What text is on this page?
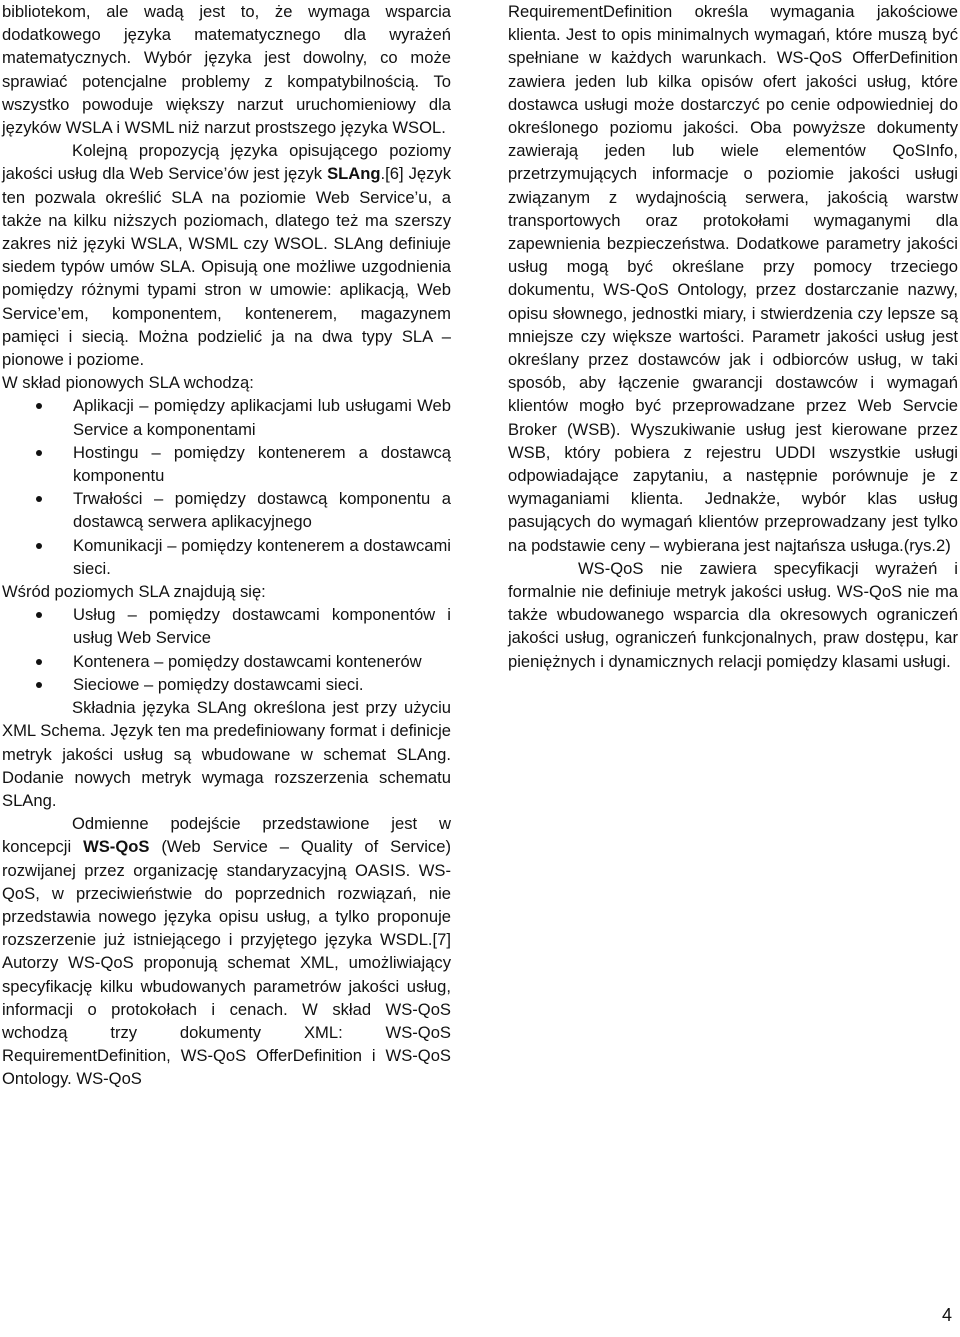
bibliotekom, ale wadą jest to, że wymaga wsparcia dodatkowego języka matematycznego dla wyrażeń matematycznych. Wybór języka jest dowolny, co może sprawiać potencjalne problemy z kompatybilnością. To wszystko powoduje większy narzut uruchomieniowy dla języków WSLA i WSML niż narzut prostszego języka WSOL.

Kolejną propozycją języka opisującego poziomy jakości usług dla Web Service’ów jest język SLAng.[6] Język ten pozwala określić SLA na poziomie Web Service’u, a także na kilku niższych poziomach, dlatego też ma szerszy zakres niż języki WSLA, WSML czy WSOL. SLAng definiuje siedem typów umów SLA. Opisują one możliwe uzgodnienia pomiędzy różnymi typami stron w umowie: aplikacją, Web Service’em, komponentem, kontenerem, magazynem pamięci i siecią. Można podzielić ja na dwa typy SLA – pionowe i poziome.

W skład pionowych SLA wchodzą:

Aplikacji – pomiędzy aplikacjami lub usługami Web Service a komponentami
Hostingu – pomiędzy kontenerem a dostawcą komponentu
Trwałości – pomiędzy dostawcą komponentu a dostawcą serwera aplikacyjnego
Komunikacji – pomiędzy kontenerem a dostawcami sieci.

Wśród poziomych SLA znajdują się:

Usług – pomiędzy dostawcami komponentów i usług Web Service
Kontenera – pomiędzy dostawcami kontenerów
Sieciowe – pomiędzy dostawcami sieci.

Składnia języka SLAng określona jest przy użyciu XML Schema. Język ten ma predefiniowany format i definicje metryk jakości usług są wbudowane w schemat SLAng. Dodanie nowych metryk wymaga rozszerzenia schematu SLAng.

Odmienne podejście przedstawione jest w koncepcji WS-QoS (Web Service – Quality of Service) rozwijanej przez organizację standaryzacyjną OASIS. WS-QoS, w przeciwieństwie do poprzednich rozwiązań, nie przedstawia nowego języka opisu usług, a tylko proponuje rozszerzenie już istniejącego i przyjętego języka WSDL.[7] Autorzy WS-QoS proponują schemat XML, umożliwiający specyfikację kilku wbudowanych parametrów jakości usług, informacji o protokołach i cenach. W skład WS-QoS wchodzą trzy dokumenty XML: WS-QoS RequirementDefinition, WS-QoS OfferDefinition i WS-QoS Ontology. WS-QoS

RequirementDefinition określa wymagania jakościowe klienta. Jest to opis minimalnych wymagań, które muszą być spełniane w każdych warunkach. WS-QoS OfferDefinition zawiera jeden lub kilka opisów ofert jakości usług, które dostawca usługi może dostarczyć po cenie odpowiedniej do określonego poziomu jakości. Oba powyższe dokumenty zawierają jeden lub wiele elementów QoSInfo, przetrzymujących informacje o poziomie jakości usługi związanym z wydajnością serwera, jakością warstw transportowych oraz protokołami wymaganymi dla zapewnienia bezpieczeństwa. Dodatkowe parametry jakości usług mogą być określane przy pomocy trzeciego dokumentu, WS-QoS Ontology, przez dostarczanie nazwy, opisu słownego, jednostki miary, i stwierdzenia czy lepsze są mniejsze czy większe wartości. Parametr jakości usług jest określany przez dostawców jak i odbiorców usług, w taki sposób, aby łączenie gwarancji dostawców i wymagań klientów mogło być przeprowadzane przez Web Servcie Broker (WSB). Wyszukiwanie usług jest kierowane przez WSB, który pobiera z rejestru UDDI wszystkie usługi odpowiadające zapytaniu, a następnie porównuje je z wymaganiami klienta. Jednakże, wybór klas usług pasujących do wymagań klientów przeprowadzany jest tylko na podstawie ceny – wybierana jest najtańsza usługa.(rys.2)

WS-QoS nie zawiera specyfikacji wyrażeń i formalnie nie definiuje metryk jakości usług. WS-QoS nie ma także wbudowanego wsparcia dla okresowych ograniczeń jakości usług, ograniczeń funkcjonalnych, praw dostępu, kar pieniężnych i dynamicznych relacji pomiędzy klasami usługi.

4
